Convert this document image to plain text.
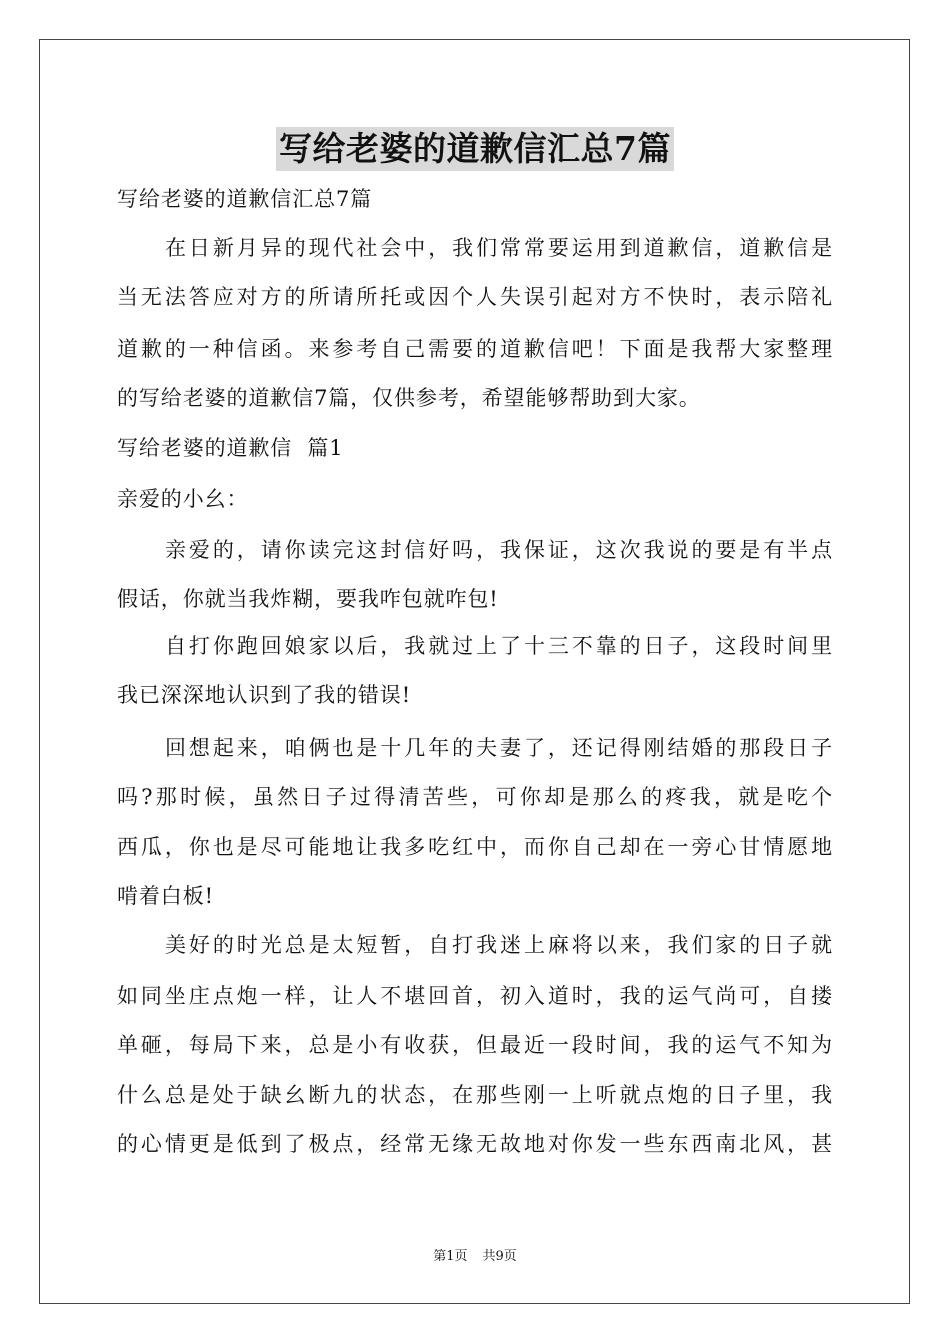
写给老婆的道歉信汇总7篇
写给老婆的道歉信汇总7篇
在日新月异的现代社会中，我们常常要运用到道歉信，道歉信是
当无法答应对方的所请所托或因个人失误引起对方不快时，表示陪礼
道歉的一种信函。来参考自己需要的道歉信吧！下面是我帮大家整理
的写给老婆的道歉信7篇，仅供参考，希望能够帮助到大家。
写给老婆的道歉信  篇1
亲爱的小幺：
亲爱的，请你读完这封信好吗，我保证，这次我说的要是有半点
假话，你就当我炸糊，要我咋包就咋包!
自打你跑回娘家以后，我就过上了十三不靠的日子，这段时间里
我已深深地认识到了我的错误!
回想起来，咱俩也是十几年的夫妻了，还记得刚结婚的那段日子
吗?那时候，虽然日子过得清苦些，可你却是那么的疼我，就是吃个
西瓜，你也是尽可能地让我多吃红中，而你自己却在一旁心甘情愿地
啃着白板!
美好的时光总是太短暂，自打我迷上麻将以来，我们家的日子就
如同坐庄点炮一样，让人不堪回首，初入道时，我的运气尚可，自搂
单砸，每局下来，总是小有收获，但最近一段时间，我的运气不知为
什么总是处于缺幺断九的状态，在那些刚一上听就点炮的日子里，我
的心情更是低到了极点，经常无缘无故地对你发一些东西南北风，甚
第1页 共9页
